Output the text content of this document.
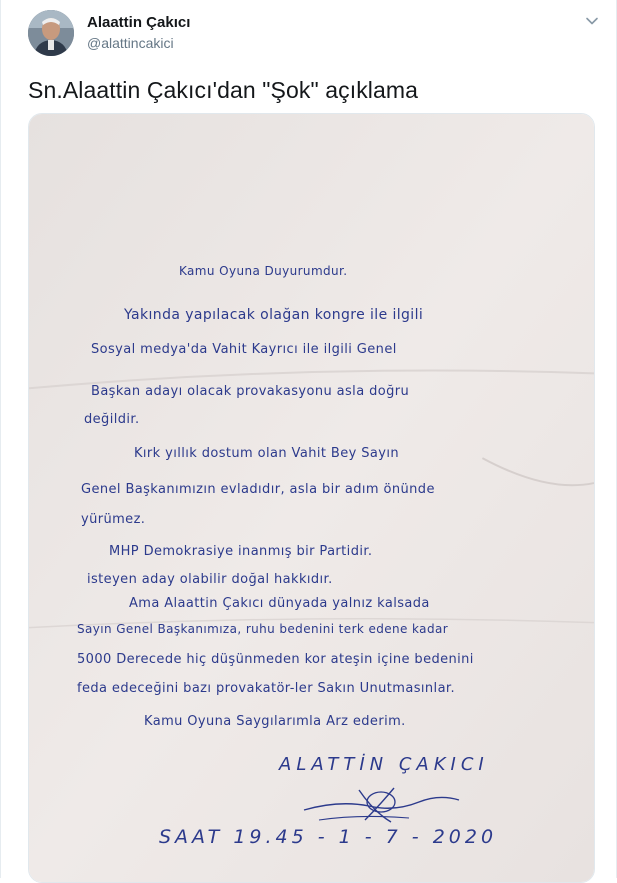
Alaattin Çakıcı
@alattincakici
Sn.Alaattin Çakıcı'dan "Şok" açıklama
Kamu Oyuna Duyurumdur.
Yakında yapılacak olağan kongre ile ilgili
Sosyal medya'da Vahit Kayrıcı ile ilgili Genel
Başkan adayı olacak provakasyonu asla doğru
değildir.
Kırk yıllık dostum olan Vahit Bey Sayın
Genel Başkanımızın evladıdır, asla bir adım önünde
yürümez.
MHP Demokrasiye inanmış bir Partidir.
isteyen aday olabilir doğal hakkıdır.
Ama Alaattin Çakıcı dünyada yalnız kalsada
Sayın Genel Başkanımıza, ruhu bedenini terk edene kadar
5000 Derecede hiç düşünmeden kor ateşin içine bedenini
feda edeceğini bazı provakatör-ler Sakın Unutmasınlar.
Kamu Oyuna Saygılarımla Arz ederim.
ALATTİN ÇAKICI
SAAT 19.45 - 1 - 7 - 2020
